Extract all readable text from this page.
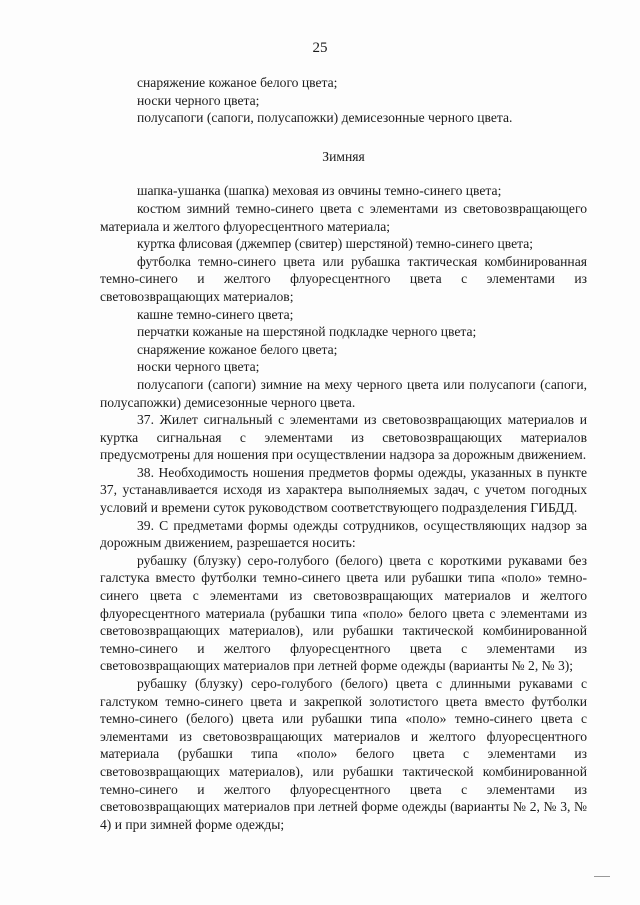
25

снаряжение кожаное белого цвета;

носки черного цвета;

полусапоги (сапоги, полусапожки) демисезонные черного цвета.

Зимняя

шапка-ушанка (шапка) меховая из овчины темно-синего цвета;

костюм зимний темно-синего цвета с элементами из световозвращающего материала и желтого флуоресцентного материала;

куртка флисовая (джемпер (свитер) шерстяной) темно-синего цвета;

футболка темно-синего цвета или рубашка тактическая комбинированная темно-синего и желтого флуоресцентного цвета с элементами из световозвращающих материалов;

кашне темно-синего цвета;

перчатки кожаные на шерстяной подкладке черного цвета;

снаряжение кожаное белого цвета;

носки черного цвета;

полусапоги (сапоги) зимние на меху черного цвета или полусапоги (сапоги, полусапожки) демисезонные черного цвета.

37. Жилет сигнальный с элементами из световозвращающих материалов и куртка сигнальная с элементами из световозвращающих материалов предусмотрены для ношения при осуществлении надзора за дорожным движением.

38. Необходимость ношения предметов формы одежды, указанных в пункте 37, устанавливается исходя из характера выполняемых задач, с учетом погодных условий и времени суток руководством соответствующего подразделения ГИБДД.

39. С предметами формы одежды сотрудников, осуществляющих надзор за дорожным движением, разрешается носить:

рубашку (блузку) серо-голубого (белого) цвета с короткими рукавами без галстука вместо футболки темно-синего цвета или рубашки типа «поло» темно-синего цвета с элементами из световозвращающих материалов и желтого флуоресцентного материала (рубашки типа «поло» белого цвета с элементами из световозвращающих материалов), или рубашки тактической комбинированной темно-синего и желтого флуоресцентного цвета с элементами из световозвращающих материалов при летней форме одежды (варианты № 2, № 3);

рубашку (блузку) серо-голубого (белого) цвета с длинными рукавами с галстуком темно-синего цвета и закрепкой золотистого цвета вместо футболки темно-синего (белого) цвета или рубашки типа «поло» темно-синего цвета с элементами из световозвращающих материалов и желтого флуоресцентного материала (рубашки типа «поло» белого цвета с элементами из световозвращающих материалов), или рубашки тактической комбинированной темно-синего и желтого флуоресцентного цвета с элементами из световозвращающих материалов при летней форме одежды (варианты № 2, № 3, № 4) и при зимней форме одежды;
